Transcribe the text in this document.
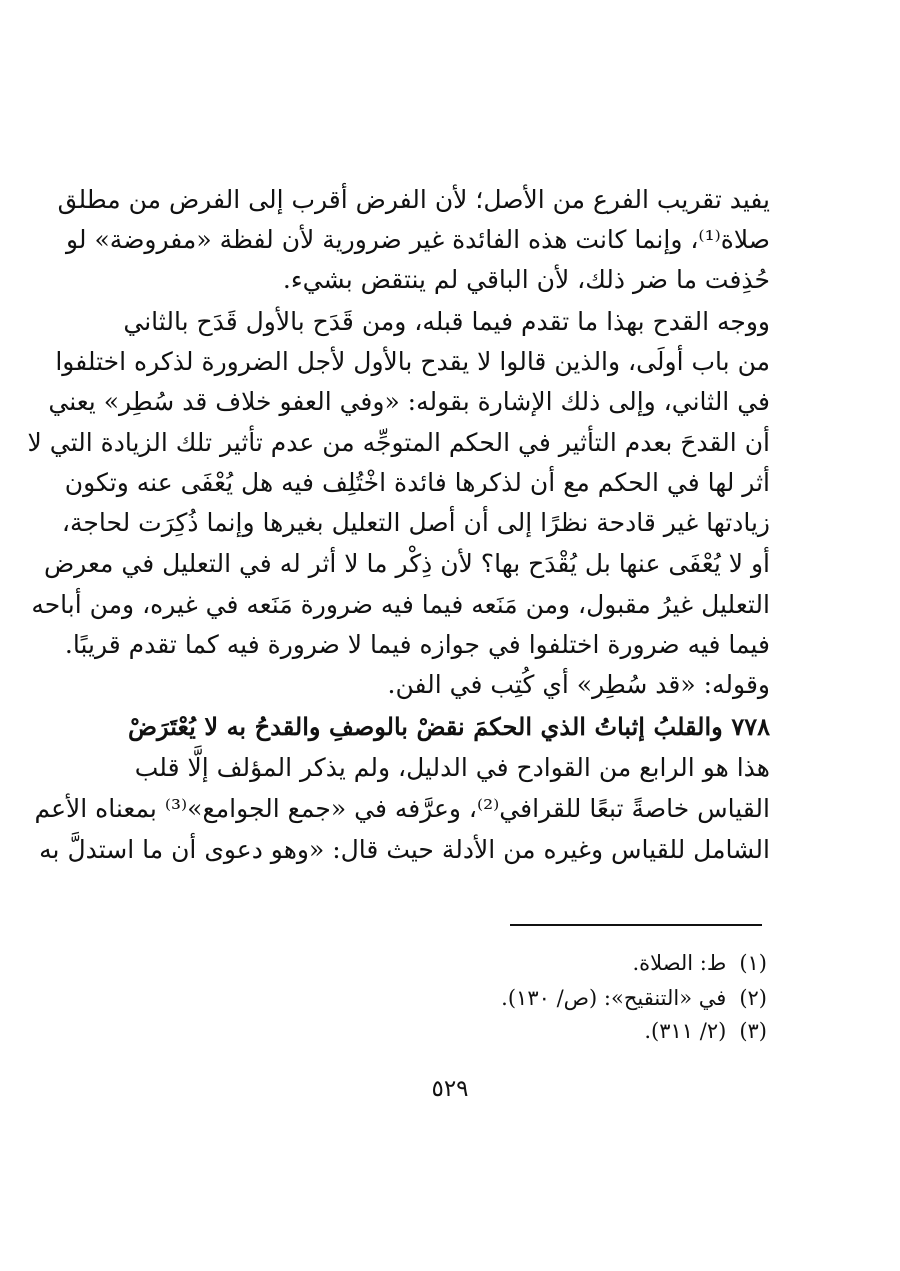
يفيد تقريب الفرع من الأصل؛ لأن الفرض أقرب إلى الفرض من مطلق
صلاة⁽¹⁾، وإنما كانت هذه الفائدة غير ضرورية لأن لفظة «مفروضة» لو
حُذِفت ما ضر ذلك، لأن الباقي لم ينتقض بشيء.
ووجه القدح بهذا ما تقدم فيما قبله، ومن قَدَح بالأول قَدَح بالثاني
من باب أولَى، والذين قالوا لا يقدح بالأول لأجل الضرورة لذكره اختلفوا
في الثاني، وإلى ذلك الإشارة بقوله: «وفي العفو خلاف قد سُطِر» يعني
أن القدحَ بعدم التأثير في الحكم المتوجِّه من عدم تأثير تلك الزيادة التي لا
أثر لها في الحكم مع أن لذكرها فائدة اخْتُلِف فيه هل يُعْفَى عنه وتكون
زيادتها غير قادحة نظرًا إلى أن أصل التعليل بغيرها وإنما ذُكِرَت لحاجة،
أو لا يُعْفَى عنها بل يُقْدَح بها؟ لأن ذِكْر ما لا أثر له في التعليل في معرض
التعليل غيرُ مقبول، ومن مَنَعه فيما فيه ضرورة مَنَعه في غيره، ومن أباحه
فيما فيه ضرورة اختلفوا في جوازه فيما لا ضرورة فيه كما تقدم قريبًا.
وقوله: «قد سُطِر» أي كُتِب في الفن.
٧٧٨ والقلبُ إثباتُ الذي الحكمَ نقضْ بالوصفِ والقدحُ به لا يُعْتَرَضْ
هذا هو الرابع من القوادح في الدليل، ولم يذكر المؤلف إلَّا قلب
القياس خاصةً تبعًا للقرافي⁽²⁾، وعرَّفه في «جمع الجوامع»⁽³⁾ بمعناه الأعم
الشامل للقياس وغيره من الأدلة حيث قال: «وهو دعوى أن ما استدلَّ به
(١) ط: الصلاة.
(٢) في «التنقيح»: (ص/ ١٣٠).
(٣) (٢/ ٣١١).
٥٢٩
